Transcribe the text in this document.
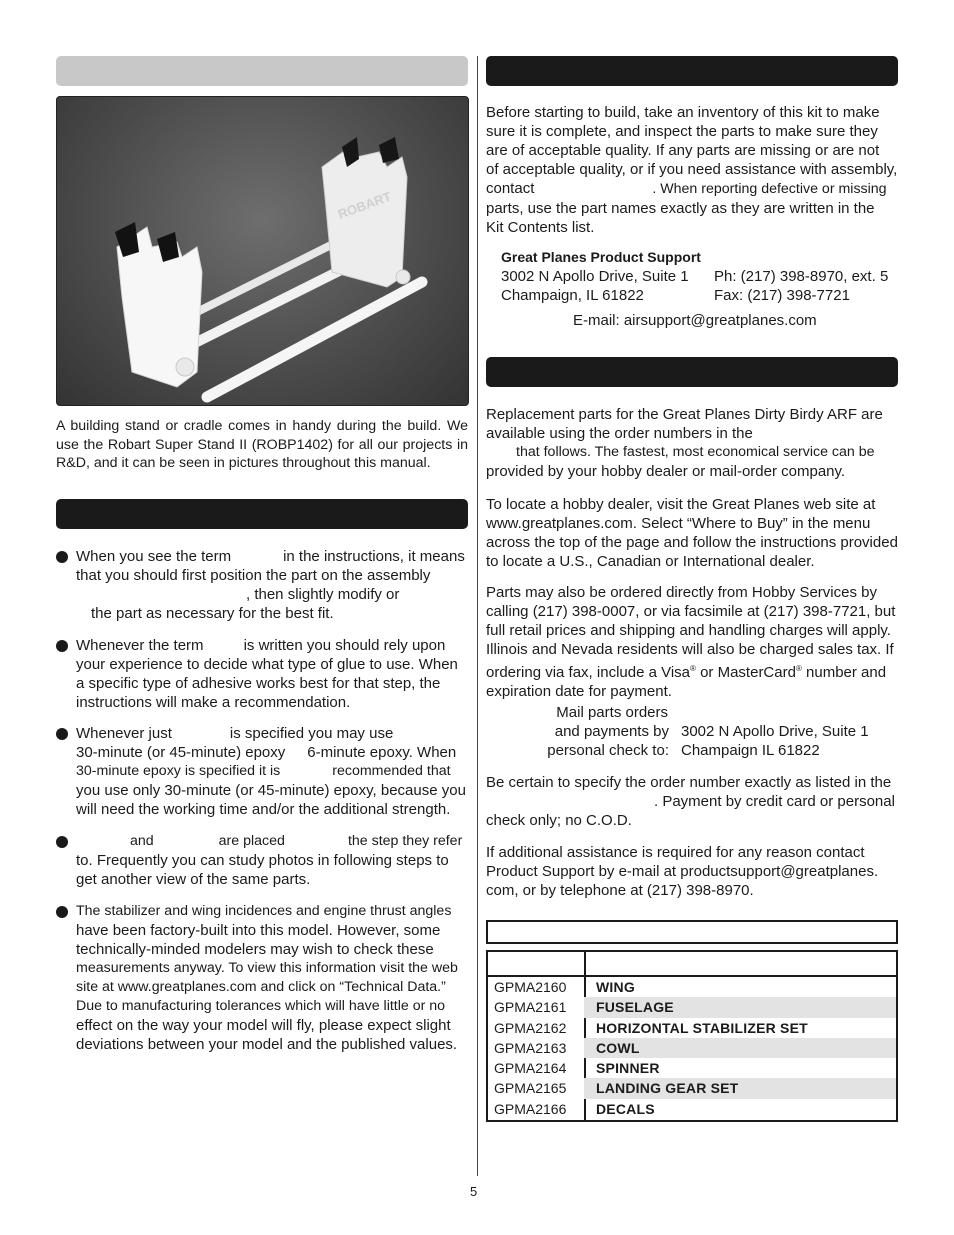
ROBART

A building stand or cradle comes in handy during the build. We use the Robart Super Stand II (ROBP1402) for all our projects in R&D, and it can be seen in pictures throughout this manual.

When you see the term	in the instructions, it means
that you should first position the part on the assembly
, then slightly modify or
the part as necessary for the best fit.
Whenever the term	is written you should rely upon
your experience to decide what type of glue to use. When
a specific type of adhesive works best for that step, the
instructions will make a recommendation.
Whenever just	is specified you may use
30-minute (or 45-minute) epoxy 6-minute epoxy. When
30-minute epoxy is specified it is	recommended that
you use only 30-minute (or 45-minute) epoxy, because you
will need the working time and/or the additional strength.
and	are placed	the step they refer
to. Frequently you can study photos in following steps to
get another view of the same parts.
The stabilizer and wing incidences and engine thrust angles
have been factory-built into this model. However, some
technically-minded modelers may wish to check these
measurements anyway. To view this information visit the web
site at www.greatplanes.com and click on “Technical Data.”
Due to manufacturing tolerances which will have little or no
effect on the way your model will fly, please expect slight
deviations between your model and the published values.
Before starting to build, take an inventory of this kit to make
sure it is complete, and inspect the parts to make sure they
are of acceptable quality. If any parts are missing or are not
of acceptable quality, or if you need assistance with assembly,
contact	. When reporting defective or missing
parts, use the part names exactly as they are written in the
Kit Contents list.
Great Planes Product Support
3002 N Apollo Drive, Suite 1
Champaign, IL 61822
Ph: (217) 398-8970, ext. 5
Fax: (217) 398-7721
E-mail: airsupport@greatplanes.com
Replacement parts for the Great Planes Dirty Birdy ARF are
available using the order numbers in the
that follows. The fastest, most economical service can be
provided by your hobby dealer or mail-order company.
To locate a hobby dealer, visit the Great Planes web site at
www.greatplanes.com. Select “Where to Buy” in the menu
across the top of the page and follow the instructions provided
to locate a U.S., Canadian or International dealer.
Parts may also be ordered directly from Hobby Services by
calling (217) 398-0007, or via facsimile at (217) 398-7721, but
full retail prices and shipping and handling charges will apply.
Illinois and Nevada residents will also be charged sales tax. If
ordering via fax, include a Visa® or MasterCard® number and
expiration date for payment.
Mail parts orders
and payments by
personal check to:
3002 N Apollo Drive, Suite 1
Champaign IL 61822
Be certain to specify the order number exactly as listed in the
. Payment by credit card or personal
check only; no C.O.D.
If additional assistance is required for any reason contact
Product Support by e-mail at productsupport@greatplanes.
com, or by telephone at (217) 398-8970.
GPMA2160	WING
GPMA2161	FUSELAGE
GPMA2162	HORIZONTAL STABILIZER SET
GPMA2163	COWL
GPMA2164	SPINNER
GPMA2165	LANDING GEAR SET
GPMA2166	DECALS
5
